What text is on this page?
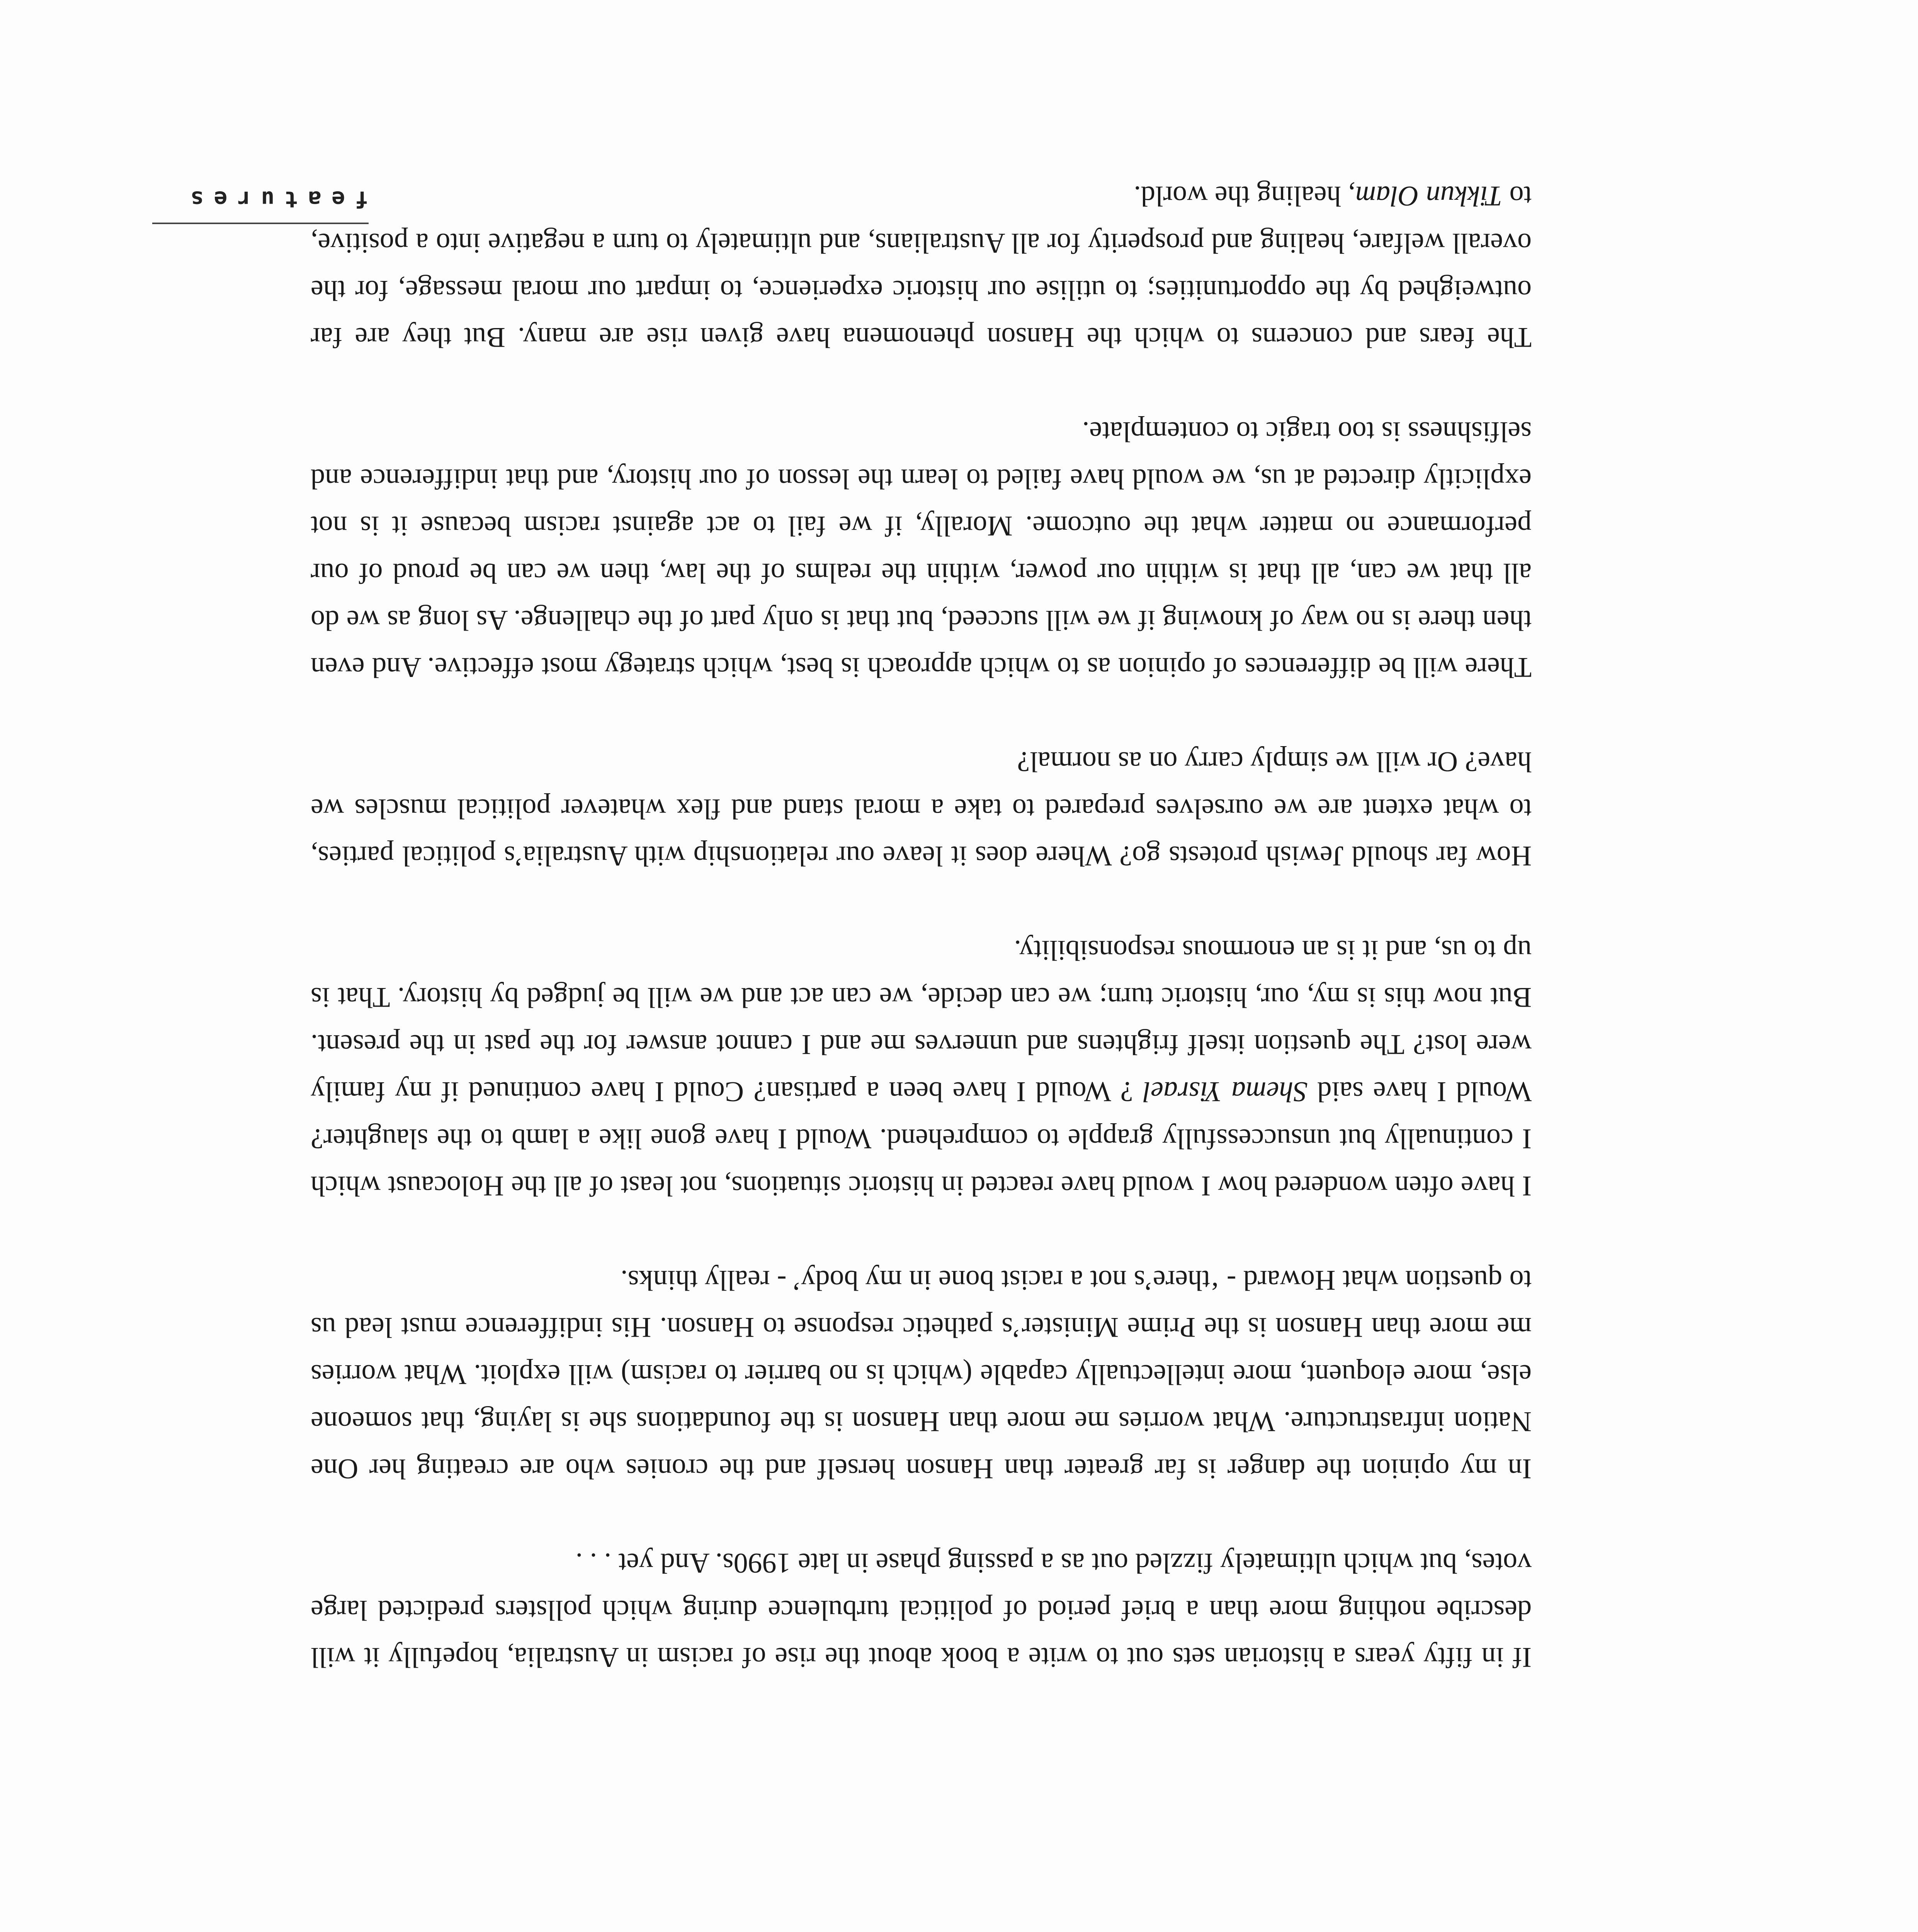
features

If in fifty years a historian sets out to write a book about the rise of racism in Australia, hopefully it will describe nothing more than a brief period of political turbulence during which pollsters predicted large votes, but which ultimately fizzled out as a passing phase in late 1990s. And yet . . .

In my opinion the danger is far greater than Hanson herself and the cronies who are creating her One Nation infrastructure. What worries me more than Hanson is the foundations she is laying, that someone else, more eloquent, more intellectually capable (which is no barrier to racism) will exploit. What worries me more than Hanson is the Prime Minister’s pathetic response to Hanson. His indifference must lead us to question what Howard - ‘there’s not a racist bone in my body’ - really thinks.

I have often wondered how I would have reacted in historic situations, not least of all the Holocaust which I continually but unsuccessfully grapple to comprehend. Would I have gone like a lamb to the slaughter? Would I have said Shema Yisrael ? Would I have been a partisan? Could I have continued if my family were lost? The question itself frightens and unnerves me and I cannot answer for the past in the present. But now this is my, our, historic turn; we can decide, we can act and we will be judged by history. That is up to us, and it is an enormous responsibility.

How far should Jewish protests go? Where does it leave our relationship with Australia’s political parties, to what extent are we ourselves prepared to take a moral stand and flex whatever political muscles we have? Or will we simply carry on as normal?

There will be differences of opinion as to which approach is best, which strategy most effective. And even then there is no way of knowing if we will succeed, but that is only part of the challenge. As long as we do all that we can, all that is within our power, within the realms of the law, then we can be proud of our performance no matter what the outcome. Morally, if we fail to act against racism because it is not explicitly directed at us, we would have failed to learn the lesson of our history, and that indifference and selfishness is too tragic to contemplate.

The fears and concerns to which the Hanson phenomena have given rise are many. But they are far outweighed by the opportunities; to utilise our historic experience, to impart our moral message, for the overall welfare, healing and prosperity for all Australians, and ultimately to turn a negative into a positive, to Tikkun Olam, healing the world.
